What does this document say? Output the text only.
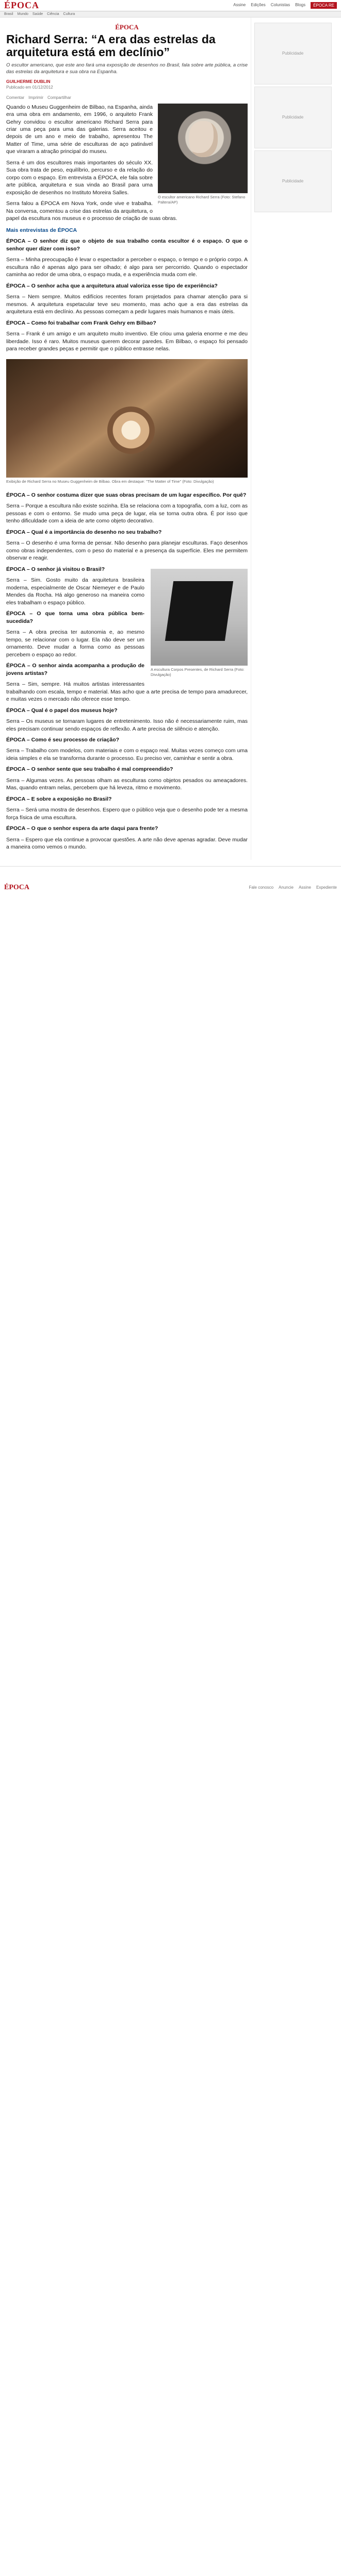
ÉPOCA	Assine Edições Colunistas Blogs	ÉPOCA RE
Brasil Mundo Saúde Ciência Cultura
ÉPOCA
Richard Serra: “A era das estrelas da arquitetura está em declínio”

O escultor americano, que este ano fará uma exposição de desenhos no Brasil, fala sobre arte pública, a crise das estrelas da arquitetura e sua obra na Espanha.

GUILHERME DUBLIN
Publicado em 01/12/2012
Comentar Imprimir Compartilhar
O escultor americano Richard Serra (Foto: Stefano Paltera/AP)

Quando o Museu Guggenheim de Bilbao, na Espanha, ainda era uma obra em andamento, em 1996, o arquiteto Frank Gehry convidou o escultor americano Richard Serra para criar uma peça para uma das galerias. Serra aceitou e depois de um ano e meio de trabalho, apresentou The Matter of Time, uma série de esculturas de aço patinável que viraram a atração principal do museu.

Serra é um dos escultores mais importantes do século XX. Sua obra trata de peso, equilíbrio, percurso e da relação do corpo com o espaço. Em entrevista a ÉPOCA, ele fala sobre arte pública, arquitetura e sua vinda ao Brasil para uma exposição de desenhos no Instituto Moreira Salles.

Serra falou a ÉPOCA em Nova York, onde vive e trabalha. Na conversa, comentou a crise das estrelas da arquitetura, o papel da escultura nos museus e o processo de criação de suas obras.

Mais entrevistas de ÉPOCA

ÉPOCA – O senhor diz que o objeto de sua trabalho conta escultor é o espaço. O que o senhor quer dizer com isso?

Serra – Minha preocupação é levar o espectador a perceber o espaço, o tempo e o próprio corpo. A escultura não é apenas algo para ser olhado; é algo para ser percorrido. Quando o espectador caminha ao redor de uma obra, o espaço muda, e a experiência muda com ele.

ÉPOCA – O senhor acha que a arquitetura atual valoriza esse tipo de experiência?

Serra – Nem sempre. Muitos edifícios recentes foram projetados para chamar atenção para si mesmos. A arquitetura espetacular teve seu momento, mas acho que a era das estrelas da arquitetura está em declínio. As pessoas começam a pedir lugares mais humanos e mais úteis.

ÉPOCA – Como foi trabalhar com Frank Gehry em Bilbao?

Serra – Frank é um amigo e um arquiteto muito inventivo. Ele criou uma galeria enorme e me deu liberdade. Isso é raro. Muitos museus querem decorar paredes. Em Bilbao, o espaço foi pensado para receber grandes peças e permitir que o público entrasse nelas.

Exibição de Richard Serra no Museu Guggenheim de Bilbao. Obra em destaque: "The Matter of Time" (Foto: Divulgação)

ÉPOCA – O senhor costuma dizer que suas obras precisam de um lugar específico. Por quê?

Serra – Porque a escultura não existe sozinha. Ela se relaciona com a topografia, com a luz, com as pessoas e com o entorno. Se mudo uma peça de lugar, ela se torna outra obra. É por isso que tenho dificuldade com a ideia de arte como objeto decorativo.

ÉPOCA – Qual é a importância do desenho no seu trabalho?

Serra – O desenho é uma forma de pensar. Não desenho para planejar esculturas. Faço desenhos como obras independentes, com o peso do material e a presença da superfície. Eles me permitem observar e reagir.

A escultura Corpos Presentes, de Richard Serra (Foto: Divulgação)

ÉPOCA – O senhor já visitou o Brasil?

Serra – Sim. Gosto muito da arquitetura brasileira moderna, especialmente de Oscar Niemeyer e de Paulo Mendes da Rocha. Há algo generoso na maneira como eles trabalham o espaço público.

ÉPOCA – O que torna uma obra pública bem-sucedida?

Serra – A obra precisa ter autonomia e, ao mesmo tempo, se relacionar com o lugar. Ela não deve ser um ornamento. Deve mudar a forma como as pessoas percebem o espaço ao redor.

ÉPOCA – O senhor ainda acompanha a produção de jovens artistas?

Serra – Sim, sempre. Há muitos artistas interessantes trabalhando com escala, tempo e material. Mas acho que a arte precisa de tempo para amadurecer, e muitas vezes o mercado não oferece esse tempo.

ÉPOCA – Qual é o papel dos museus hoje?

Serra – Os museus se tornaram lugares de entretenimento. Isso não é necessariamente ruim, mas eles precisam continuar sendo espaços de reflexão. A arte precisa de silêncio e atenção.

ÉPOCA – Como é seu processo de criação?

Serra – Trabalho com modelos, com materiais e com o espaço real. Muitas vezes começo com uma ideia simples e ela se transforma durante o processo. Eu preciso ver, caminhar e sentir a obra.

ÉPOCA – O senhor sente que seu trabalho é mal compreendido?

Serra – Algumas vezes. As pessoas olham as esculturas como objetos pesados ou ameaçadores. Mas, quando entram nelas, percebem que há leveza, ritmo e movimento.

ÉPOCA – E sobre a exposição no Brasil?

Serra – Será uma mostra de desenhos. Espero que o público veja que o desenho pode ter a mesma força física de uma escultura.

ÉPOCA – O que o senhor espera da arte daqui para frente?

Serra – Espero que ela continue a provocar questões. A arte não deve apenas agradar. Deve mudar a maneira como vemos o mundo.

Publicidade
Publicidade
Publicidade
ÉPOCA	Fale conosco Anuncie Assine Expediente
